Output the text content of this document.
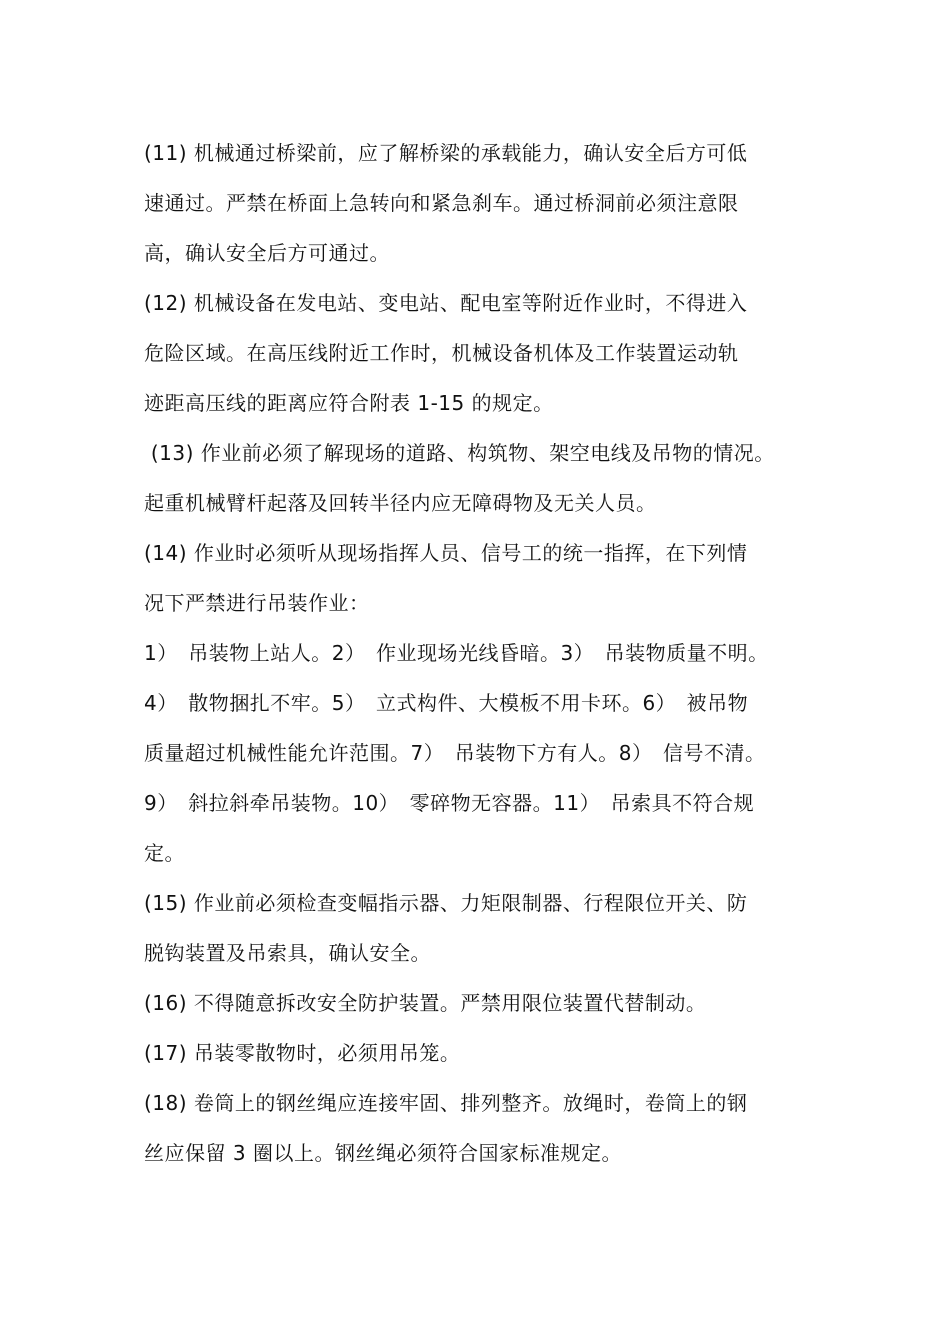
(11) 机械通过桥梁前，应了解桥梁的承载能力，确认安全后方可低
速通过。严禁在桥面上急转向和紧急刹车。通过桥洞前必须注意限
高，确认安全后方可通过。
(12) 机械设备在发电站、变电站、配电室等附近作业时，不得进入
危险区域。在高压线附近工作时，机械设备机体及工作装置运动轨
迹距高压线的距离应符合附表 1-15 的规定。
(13) 作业前必须了解现场的道路、构筑物、架空电线及吊物的情况。
起重机械臂杆起落及回转半径内应无障碍物及无关人员。
(14) 作业时必须听从现场指挥人员、信号工的统一指挥，在下列情
况下严禁进行吊装作业：
1）　吊装物上站人。2）　作业现场光线昏暗。3）　吊装物质量不明。
4）　散物捆扎不牢。5）　立式构件、大模板不用卡环。6）　被吊物
质量超过机械性能允许范围。7）　吊装物下方有人。8）　信号不清。
9）　斜拉斜牵吊装物。10）　零碎物无容器。11）　吊索具不符合规
定。
(15) 作业前必须检查变幅指示器、力矩限制器、行程限位开关、防
脱钩装置及吊索具，确认安全。
(16) 不得随意拆改安全防护装置。严禁用限位装置代替制动。
(17) 吊装零散物时，必须用吊笼。
(18) 卷筒上的钢丝绳应连接牢固、排列整齐。放绳时，卷筒上的钢
丝应保留 3 圈以上。钢丝绳必须符合国家标准规定。
